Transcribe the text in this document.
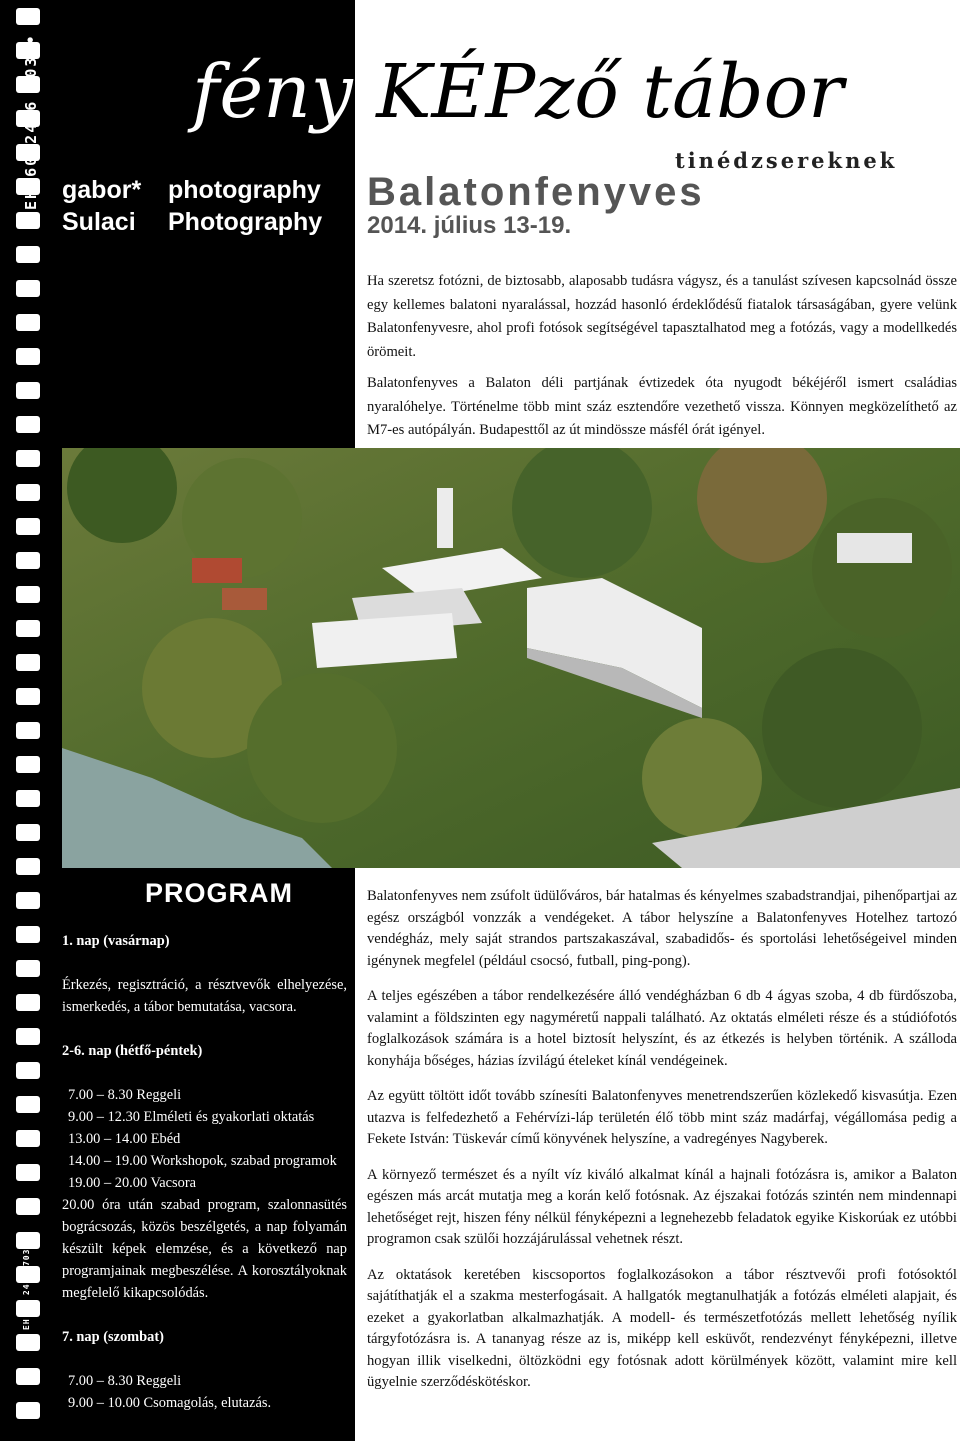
EH 60 2416 7039•
EH 60 2416 7039-2
fény KÉPző tábor
tinédzsereknek
Balatonfenyves
2014. július 13-19.
gabor*
Sulaci
photography
Photography

Ha szeretsz fotózni, de biztosabb, alaposabb tudásra vágysz, és a tanulást szívesen kapcsolnád össze egy kellemes balatoni nyaralással, hozzád hasonló érdeklődésű fiatalok társaságában, gyere velünk Balatonfenyvesre, ahol profi fotósok segítségével tapasztalhatod meg a fotózás, vagy a modellkedés örömeit.

Balatonfenyves a Balaton déli partjának évtizedek óta nyugodt békéjéről ismert családias nyaralóhelye. Történelme több mint száz esztendőre vezethető vissza. Könnyen megközelíthető az M7-es autópályán. Budapesttől az út mindössze másfél órát igényel.

PROGRAM

1. nap (vasárnap)

Érkezés, regisztráció, a résztvevők elhelyezése, ismerkedés, a tábor bemutatása, vacsora.

2-6. nap (hétfő-péntek)

7.00 – 8.30 Reggeli
9.00 – 12.30 Elméleti és gyakorlati oktatás
13.00 – 14.00 Ebéd
14.00 – 19.00 Workshopok, szabad programok
19.00 – 20.00 Vacsora

20.00 óra után szabad program, szalonnasütés bográcsozás, közös beszélgetés, a nap folyamán készült képek elemzése, és a következő nap programjainak megbeszélése. A korosztályoknak megfelelő kikapcsolódás.

7. nap (szombat)

7.00 – 8.30 Reggeli
9.00 – 10.00 Csomagolás, elutazás.

Balatonfenyves nem zsúfolt üdülőváros, bár hatalmas és kényelmes szabadstrandjai, pihenőpartjai az egész országból vonzzák a vendégeket. A tábor helyszíne a Balatonfenyves Hotelhez tartozó vendégház, mely saját strandos partszakaszával, szabadidős- és sportolási lehetőségeivel minden igénynek megfelel (például csocsó, futball, ping-pong).

A teljes egészében a tábor rendelkezésére álló vendégházban 6 db 4 ágyas szoba, 4 db fürdőszoba, valamint a földszinten egy nagyméretű nappali található. Az oktatás elméleti része és a stúdiófotós foglalkozások számára is a hotel biztosít helyszínt, és az étkezés is helyben történik. A szálloda konyhája bőséges, házias ízvilágú ételeket kínál vendégeinek.

Az együtt töltött időt tovább színesíti Balatonfenyves menetrendszerűen közlekedő kisvasútja. Ezen utazva is felfedezhető a Fehérvízi-láp területén élő több mint száz madárfaj, végállomása pedig a Fekete István: Tüskevár című könyvének helyszíne, a vadregényes Nagyberek.

A környező természet és a nyílt víz kiváló alkalmat kínál a hajnali fotózásra is, amikor a Balaton egészen más arcát mutatja meg a korán kelő fotósnak. Az éjszakai fotózás szintén nem mindennapi lehetőséget rejt, hiszen fény nélkül fényképezni a legnehezebb feladatok egyike Kiskorúak ez utóbbi programon csak szülői hozzájárulással vehetnek részt.

Az oktatások keretében kiscsoportos foglalkozásokon a tábor résztvevői profi fotósoktól sajátíthatják el a szakma mesterfogásait. A hallgatók megtanulhatják a fotózás elméleti alapjait, és ezeket a gyakorlatban alkalmazhatják. A modell- és természetfotózás mellett lehetőség nyílik tárgyfotózásra is. A tananyag része az is, miképp kell esküvőt, rendezvényt fényképezni, illetve hogyan illik viselkedni, öltözködni egy fotósnak adott körülmények között, valamint mire kell ügyelnie szerződéskötéskor.
